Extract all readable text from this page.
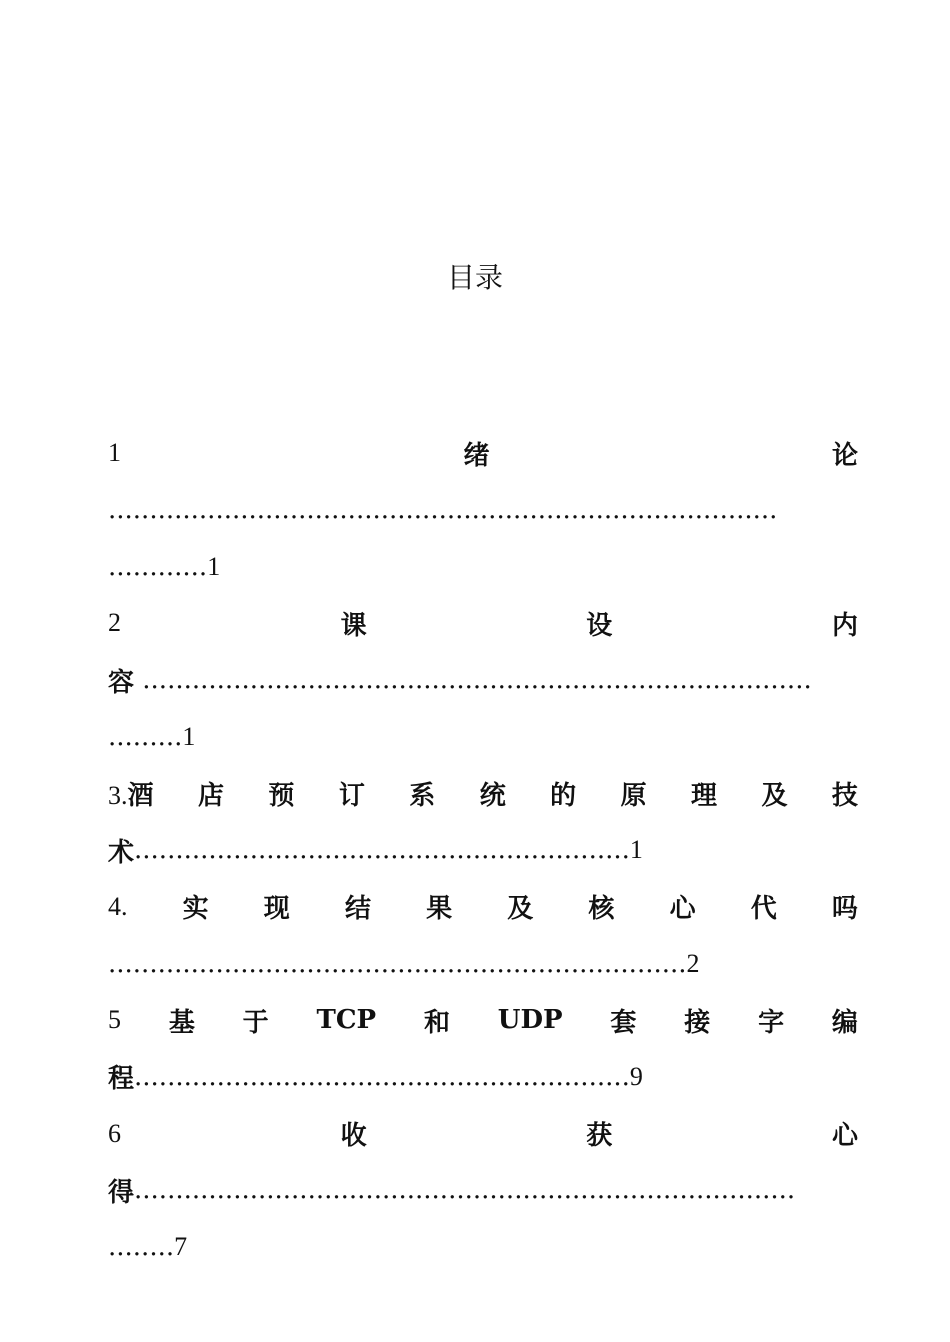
目录
1	绪	论
.................................................................................
............ 1
2	课	设	内
容
.................................................................................
......... 1
3.酒 店 预 订 系 统 的 原 理 及 技
术 ............................................................ 1
4. 实 现 结 果 及 核 心 代 吗
...................................................................... 2
5 基 于 TCP 和 UDP 套 接 字 编
程 ............................................................ 9
6	收	获	心
得 ................................................................................
........ 7
